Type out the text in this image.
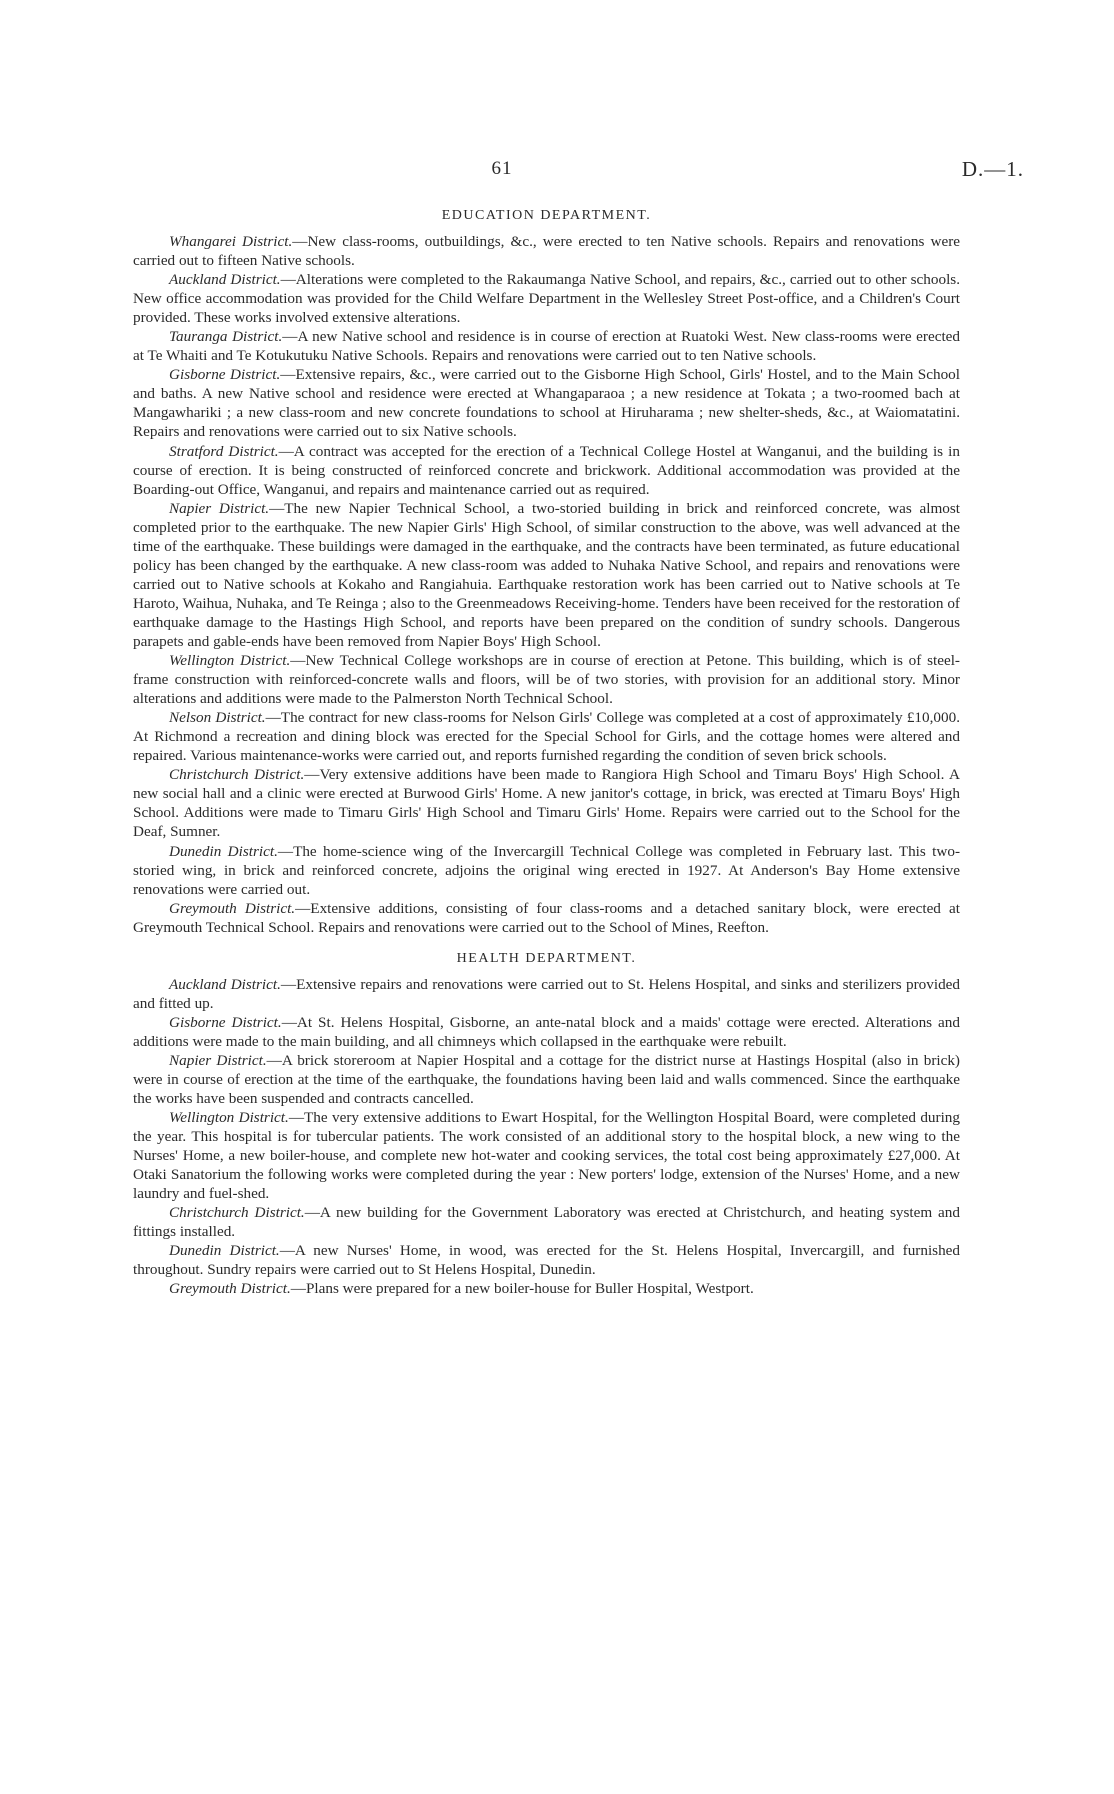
61	D.—1.
EDUCATION DEPARTMENT.

Whangarei District.—New class-rooms, outbuildings, &c., were erected to ten Native schools. Repairs and renovations were carried out to fifteen Native schools.

Auckland District.—Alterations were completed to the Rakaumanga Native School, and repairs, &c., carried out to other schools. New office accommodation was provided for the Child Welfare Department in the Wellesley Street Post-office, and a Children's Court provided. These works involved extensive alterations.

Tauranga District.—A new Native school and residence is in course of erection at Ruatoki West. New class-rooms were erected at Te Whaiti and Te Kotukutuku Native Schools. Repairs and renovations were carried out to ten Native schools.

Gisborne District.—Extensive repairs, &c., were carried out to the Gisborne High School, Girls' Hostel, and to the Main School and baths. A new Native school and residence were erected at Whangaparaoa ; a new residence at Tokata ; a two-roomed bach at Mangawhariki ; a new class-room and new concrete foundations to school at Hiruharama ; new shelter-sheds, &c., at Waiomatatini. Repairs and renovations were carried out to six Native schools.

Stratford District.—A contract was accepted for the erection of a Technical College Hostel at Wanganui, and the building is in course of erection. It is being constructed of reinforced concrete and brickwork. Additional accommodation was provided at the Boarding-out Office, Wanganui, and repairs and maintenance carried out as required.

Napier District.—The new Napier Technical School, a two-storied building in brick and reinforced concrete, was almost completed prior to the earthquake. The new Napier Girls' High School, of similar construction to the above, was well advanced at the time of the earthquake. These buildings were damaged in the earthquake, and the contracts have been terminated, as future educational policy has been changed by the earthquake. A new class-room was added to Nuhaka Native School, and repairs and renovations were carried out to Native schools at Kokaho and Rangiahuia. Earthquake restoration work has been carried out to Native schools at Te Haroto, Waihua, Nuhaka, and Te Reinga ; also to the Greenmeadows Receiving-home. Tenders have been received for the restoration of earthquake damage to the Hastings High School, and reports have been prepared on the condition of sundry schools. Dangerous parapets and gable-ends have been removed from Napier Boys' High School.

Wellington District.—New Technical College workshops are in course of erection at Petone. This building, which is of steel-frame construction with reinforced-concrete walls and floors, will be of two stories, with provision for an additional story. Minor alterations and additions were made to the Palmerston North Technical School.

Nelson District.—The contract for new class-rooms for Nelson Girls' College was completed at a cost of approximately £10,000. At Richmond a recreation and dining block was erected for the Special School for Girls, and the cottage homes were altered and repaired. Various maintenance-works were carried out, and reports furnished regarding the condition of seven brick schools.

Christchurch District.—Very extensive additions have been made to Rangiora High School and Timaru Boys' High School. A new social hall and a clinic were erected at Burwood Girls' Home. A new janitor's cottage, in brick, was erected at Timaru Boys' High School. Additions were made to Timaru Girls' High School and Timaru Girls' Home. Repairs were carried out to the School for the Deaf, Sumner.

Dunedin District.—The home-science wing of the Invercargill Technical College was completed in February last. This two-storied wing, in brick and reinforced concrete, adjoins the original wing erected in 1927. At Anderson's Bay Home extensive renovations were carried out.

Greymouth District.—Extensive additions, consisting of four class-rooms and a detached sanitary block, were erected at Greymouth Technical School. Repairs and renovations were carried out to the School of Mines, Reefton.

HEALTH DEPARTMENT.

Auckland District.—Extensive repairs and renovations were carried out to St. Helens Hospital, and sinks and sterilizers provided and fitted up.

Gisborne District.—At St. Helens Hospital, Gisborne, an ante-natal block and a maids' cottage were erected. Alterations and additions were made to the main building, and all chimneys which collapsed in the earthquake were rebuilt.

Napier District.—A brick storeroom at Napier Hospital and a cottage for the district nurse at Hastings Hospital (also in brick) were in course of erection at the time of the earthquake, the foundations having been laid and walls commenced. Since the earthquake the works have been suspended and contracts cancelled.

Wellington District.—The very extensive additions to Ewart Hospital, for the Wellington Hospital Board, were completed during the year. This hospital is for tubercular patients. The work consisted of an additional story to the hospital block, a new wing to the Nurses' Home, a new boiler-house, and complete new hot-water and cooking services, the total cost being approximately £27,000. At Otaki Sanatorium the following works were completed during the year : New porters' lodge, extension of the Nurses' Home, and a new laundry and fuel-shed.

Christchurch District.—A new building for the Government Laboratory was erected at Christchurch, and heating system and fittings installed.

Dunedin District.—A new Nurses' Home, in wood, was erected for the St. Helens Hospital, Invercargill, and furnished throughout. Sundry repairs were carried out to St Helens Hospital, Dunedin.

Greymouth District.—Plans were prepared for a new boiler-house for Buller Hospital, Westport.
